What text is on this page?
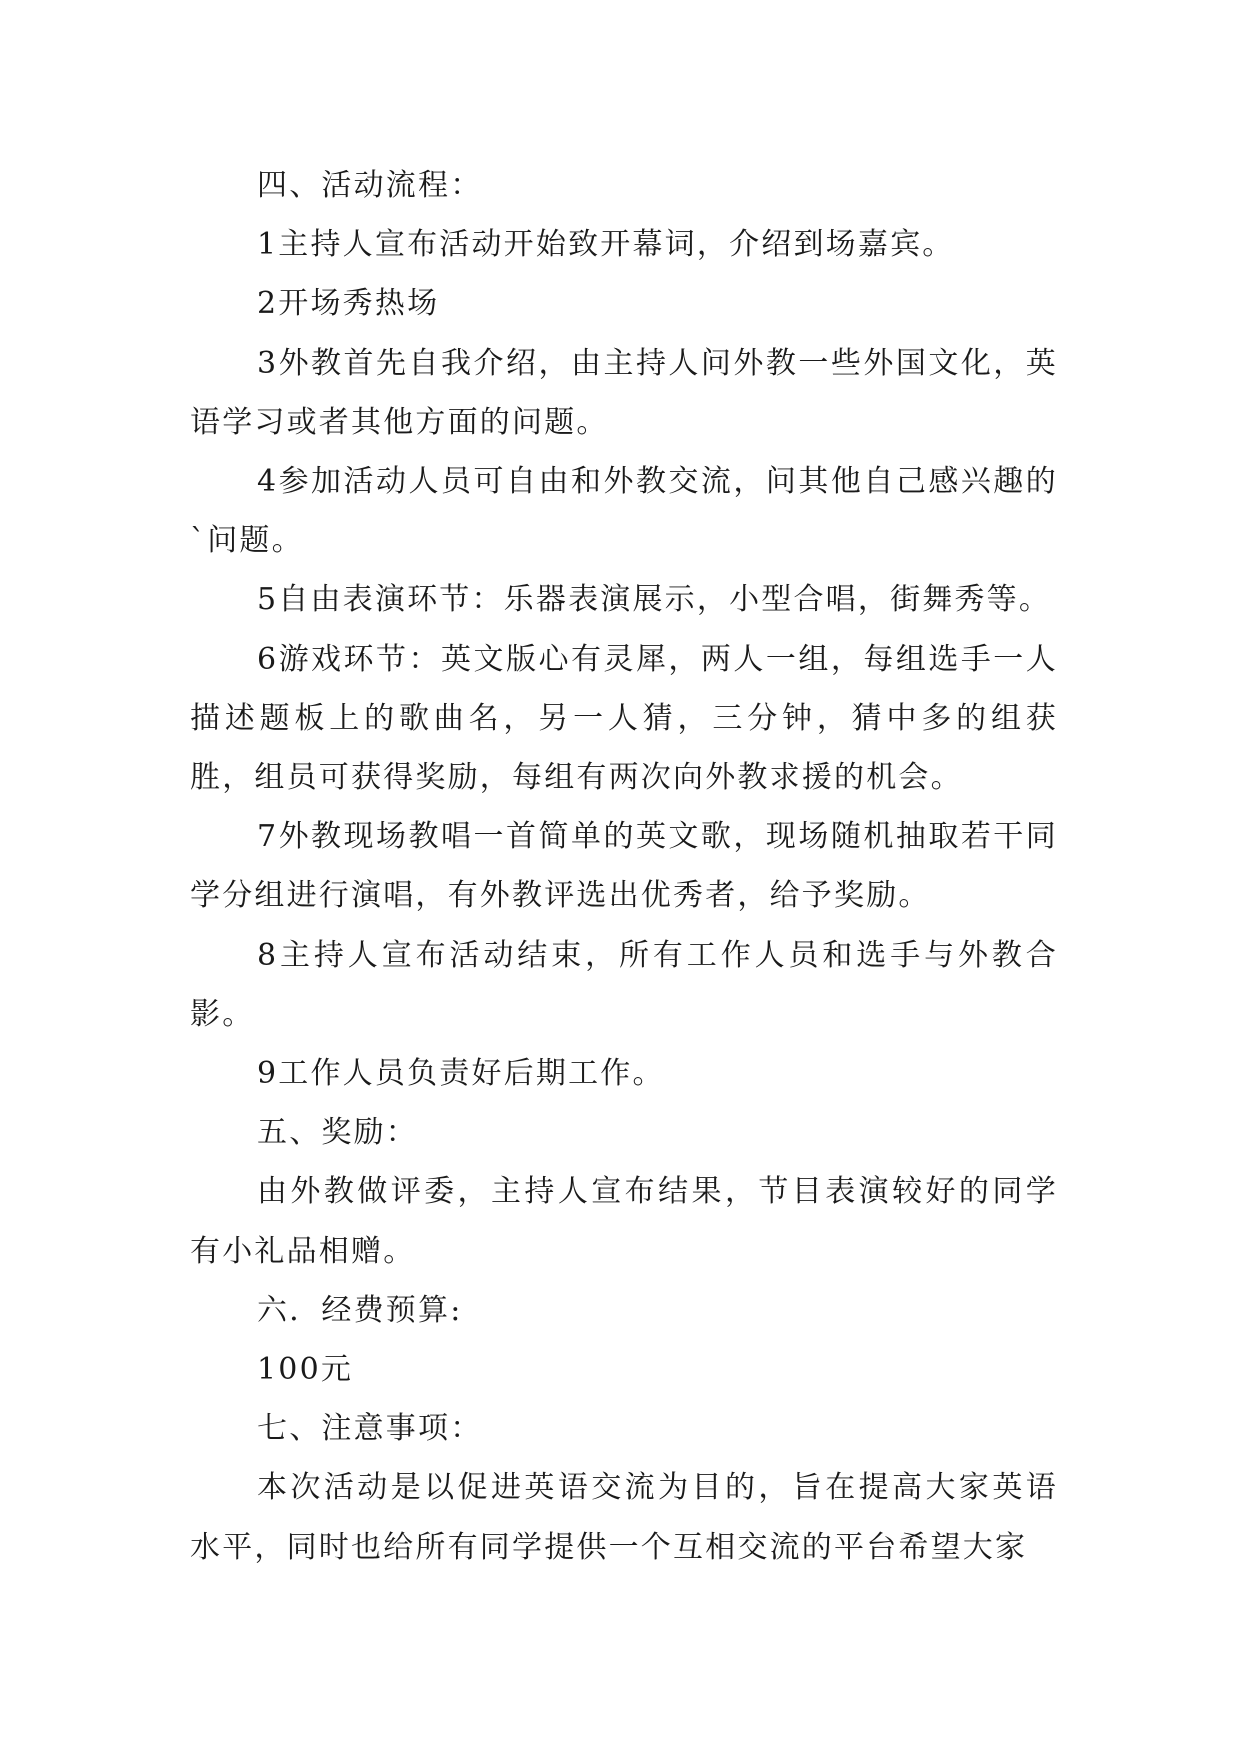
四、活动流程：

1主持人宣布活动开始致开幕词，介绍到场嘉宾。

2开场秀热场

3外教首先自我介绍，由主持人问外教一些外国文化，英语学习或者其他方面的问题。

4参加活动人员可自由和外教交流，问其他自己感兴趣的`问题。

5自由表演环节：乐器表演展示，小型合唱，街舞秀等。

6游戏环节：英文版心有灵犀，两人一组，每组选手一人描述题板上的歌曲名，另一人猜，三分钟，猜中多的组获胜，组员可获得奖励，每组有两次向外教求援的机会。

7外教现场教唱一首简单的英文歌，现场随机抽取若干同学分组进行演唱，有外教评选出优秀者，给予奖励。

8主持人宣布活动结束，所有工作人员和选手与外教合影。

9工作人员负责好后期工作。

五、奖励：

由外教做评委，主持人宣布结果，节目表演较好的同学有小礼品相赠。

六．经费预算:

100元

七、注意事项：

本次活动是以促进英语交流为目的，旨在提高大家英语水平，同时也给所有同学提供一个互相交流的平台希望大家
